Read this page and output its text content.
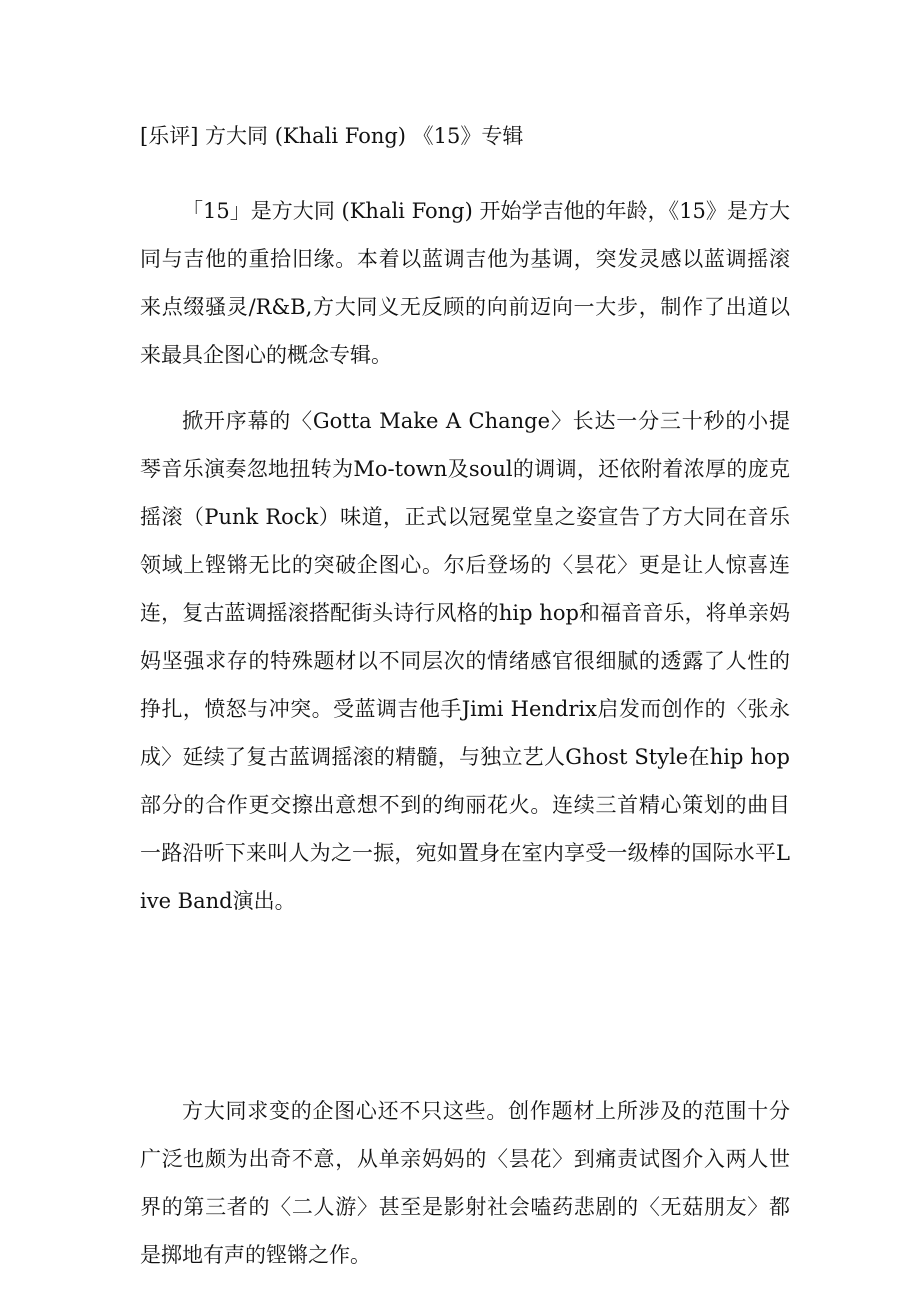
[乐评] 方大同 (Khali Fong) 《15》专辑

「15」是方大同 (Khali Fong) 开始学吉他的年龄，《15》是方大同与吉他的重拾旧缘。本着以蓝调吉他为基调，突发灵感以蓝调摇滚来点缀骚灵/R&B,方大同义无反顾的向前迈向一大步，制作了出道以来最具企图心的概念专辑。

掀开序幕的〈Gotta Make A Change〉长达一分三十秒的小提琴音乐演奏忽地扭转为Mo-town及soul的调调，还依附着浓厚的庞克摇滚（Punk Rock）味道，正式以冠冕堂皇之姿宣告了方大同在音乐领域上铿锵无比的突破企图心。尔后登场的〈昙花〉更是让人惊喜连连，复古蓝调摇滚搭配街头诗行风格的hip hop和福音音乐，将单亲妈妈坚强求存的特殊题材以不同层次的情绪感官很细腻的透露了人性的挣扎，愤怒与冲突。受蓝调吉他手Jimi Hendrix启发而创作的〈张永成〉延续了复古蓝调摇滚的精髓，与独立艺人Ghost Style在hip hop部分的合作更交擦出意想不到的绚丽花火。连续三首精心策划的曲目一路沿听下来叫人为之一振，宛如置身在室内享受一级棒的国际水平Live Band演出。

方大同求变的企图心还不只这些。创作题材上所涉及的范围十分广泛也颇为出奇不意，从单亲妈妈的〈昙花〉到痛责试图介入两人世界的第三者的〈二人游〉甚至是影射社会嗑药悲剧的〈无菇朋友〉都是掷地有声的铿锵之作。
